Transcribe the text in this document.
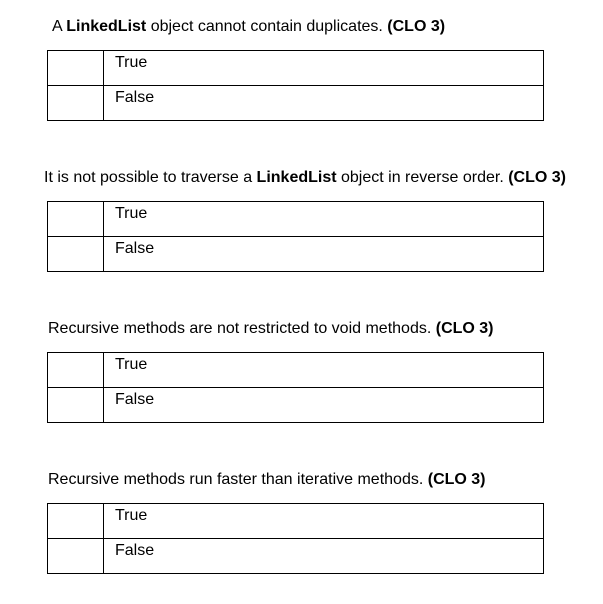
A LinkedList object cannot contain duplicates. (CLO 3)
	True
	False
It is not possible to traverse a LinkedList object in reverse order. (CLO 3)
	True
	False
Recursive methods are not restricted to void methods. (CLO 3)
	True
	False
Recursive methods run faster than iterative methods. (CLO 3)
	True
	False
